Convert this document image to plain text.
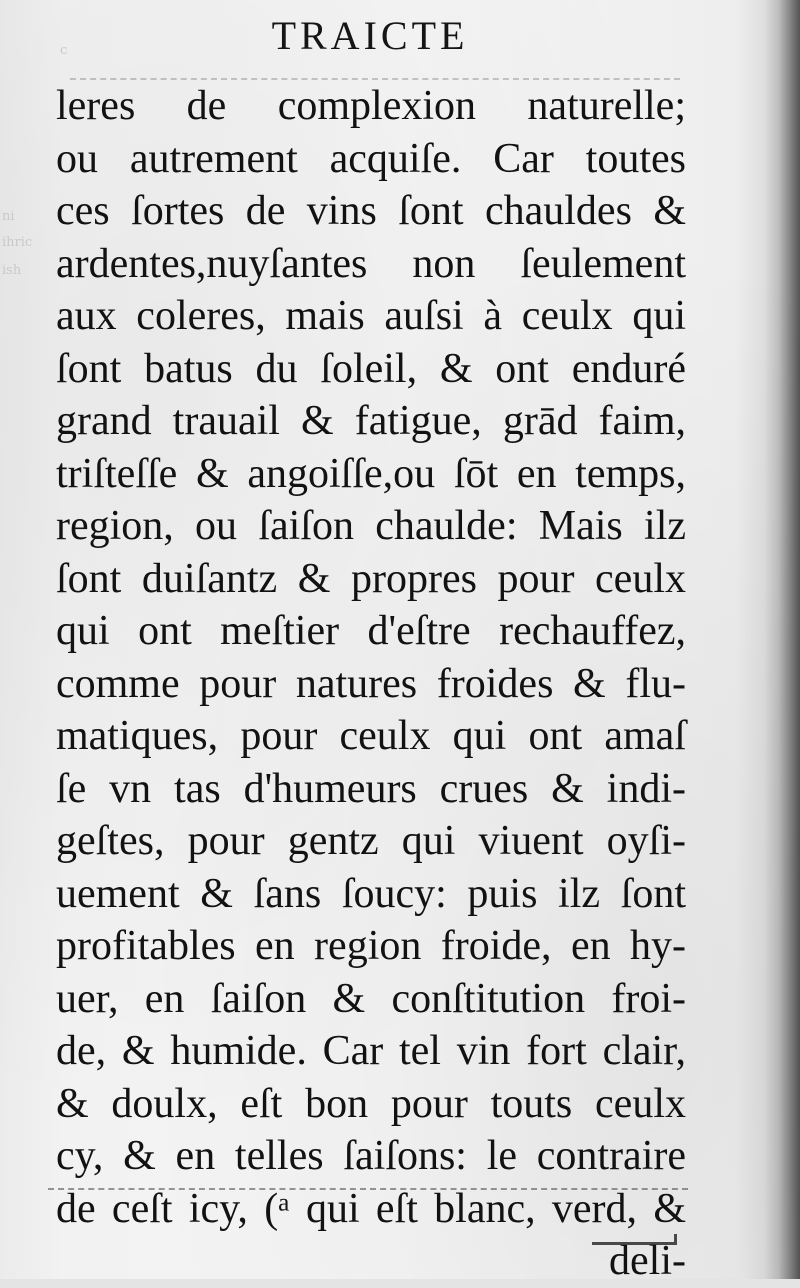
ni
ihric
ish
c	TRAICTE
leres de complexion naturelle;
ou autrement acquiſe. Car toutes
ces ſortes de vins ſont chauldes &
ardentes,nuyſantes non ſeulement
aux coleres, mais auſsi à ceulx qui
ſont batus du ſoleil, & ont enduré
grand trauail & fatigue, grād faim,
triſteſſe & angoiſſe,ou ſōt en temps,
region, ou ſaiſon chaulde: Mais ilz
ſont duiſantz & propres pour ceulx
qui ont meſtier d'eſtre rechauffez,
comme pour natures froides & flu-
matiques, pour ceulx qui ont amaſ
ſe vn tas d'humeurs crues & indi-
geſtes, pour gentz qui viuent oyſi-
uement & ſans ſoucy: puis ilz ſont
profitables en region froide, en hy-
uer, en ſaiſon & conſtitution froi-
de, & humide. Car tel vin fort clair,
& doulx, eſt bon pour touts ceulx
cy, & en telles ſaiſons: le contraire
de ceſt icy, (ᵃ qui eſt blanc, verd, &
deli-
